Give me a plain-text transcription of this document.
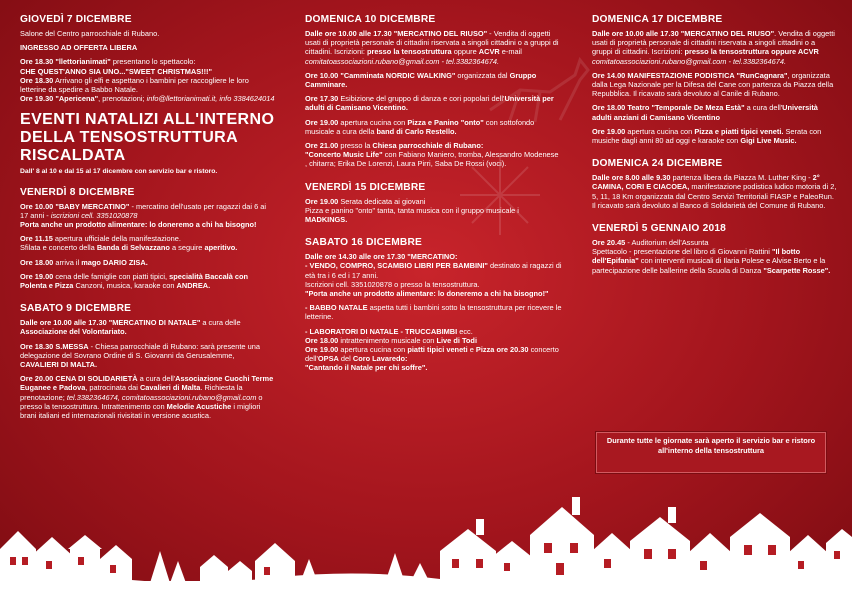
GIOVEDÌ 7 DICEMBRE
Salone del Centro parrocchiale di Rubano.
INGRESSO AD OFFERTA LIBERA
Ore 18.30 "llettorianimati" presentano lo spettacolo:
CHE QUEST'ANNO SIA UNO..."SWEET CHRISTMAS!!!"
Ore 18.30 Arrivano gli elfi e aspettano i bambini per raccogliere le loro letterine da spedire a Babbo Natale.
Ore 19.30 "Apericena", prenotazioni; info@llettorianimati.it, info 3384624014
EVENTI NATALIZI ALL'INTERNO DELLA TENSOSTRUTTURA RISCALDATA
Dall' 8 al 10 e dal 15 al 17 dicembre con servizio bar e ristoro.
VENERDÌ 8 DICEMBRE
Ore 10.00 "BABY MERCATINO" - mercatino dell'usato per ragazzi dai 6 ai 17 anni - iscrizioni cell. 3351020878
Porta anche un prodotto alimentare: lo doneremo a chi ha bisogno!
Ore 11.15 apertura ufficiale della manifestazione.
Sfilata e concerto della Banda di Selvazzano a seguire aperitivo.
Ore 18.00 arriva il mago DARIO ZISA.
Ore 19.00 cena delle famiglie con piatti tipici, specialità Baccalà con Polenta e Pizza Canzoni, musica, karaoke con ANDREA.
SABATO 9 DICEMBRE
Dalle ore 10.00 alle 17.30 "MERCATINO DI NATALE" a cura delle Associazione del Volontariato.
Ore 18.30 S.MESSA - Chiesa parrocchiale di Rubano: sarà presente una delegazione del Sovrano Ordine di S. Giovanni da Gerusalemme, CAVALIERI DI MALTA.
Ore 20.00 CENA DI SOLIDARIETÀ a cura dell'Associazione Cuochi Terme Euganee e Padova, patrocinata dai Cavalieri di Malta. Richiesta la prenotazione; tel.3382364674, comitatoassociazioni.rubano@gmail.com o presso la tensostruttura. Intrattenimento con Melodie Acustiche i migliori brani italiani ed internazionali rivisitati in versione acustica.
DOMENICA 10 DICEMBRE
Dalle ore 10.00 alle 17.30 "MERCATINO DEL RIUSO" - Vendita di oggetti usati di proprietà personale di cittadini riservata a singoli cittadini o a gruppi di cittadini. Iscrizioni: presso la tensostruttura oppure ACVR e-mail comitatoassociazioni.rubano@gmail.com - tel.3382364674.
Ore 10.00 "Camminata NORDIC WALKING" organizzata dal Gruppo Camminare.
Ore 17.30 Esibizione del gruppo di danza e cori popolari dell'Università per adulti di Camisano Vicentino.
Ore 19.00 apertura cucina con Pizza e Panino "onto" con sottofondo musicale a cura della band di Carlo Restello.
Ore 21.00 presso la Chiesa parrocchiale di Rubano:
"Concerto Music Life" con Fabiano Maniero, tromba, Alessandro Modenese , chitarra; Erika De Lorenzi, Laura Pirri, Saba De Rossi (voci).
VENERDÌ 15 DICEMBRE
Ore 19.00 Serata dedicata ai giovani
Pizza e panino "onto" tanta, tanta musica con il gruppo musicale i MADKINGS.
SABATO 16 DICEMBRE
Dalle ore 14.30 alle ore 17.30 "MERCATINO:
- VENDO, COMPRO, SCAMBIO LIBRI PER BAMBINI" destinato ai ragazzi di età tra i 6 ed i 17 anni.
Iscrizioni cell. 3351020878 o presso la tensostruttura.
"Porta anche un prodotto alimentare: lo doneremo a chi ha bisogno!"
- BABBO NATALE aspetta tutti i bambini sotto la tensostruttura per ricevere le letterine.
- LABORATORI DI NATALE - TRUCCABIMBI ecc.
Ore 18.00 intrattenimento musicale con Live di Todi
Ore 19.00 apertura cucina con piatti tipici veneti e Pizza ore 20.30 concerto dell'OPSA del Coro Lavaredo:
"Cantando il Natale per chi soffre".
DOMENICA 17 DICEMBRE
Dalle ore 10.00 alle 17.30 "MERCATINO DEL RIUSO". Vendita di oggetti usati di proprietà personale di cittadini riservata a singoli cittadini o a gruppi di cittadini. Iscrizioni: presso la tensostruttura oppure ACVR comitatoassociazioni.rubano@gmail.com - tel.3382364674.
Ore 14.00 MANIFESTAZIONE PODISTICA "RunCagnara", organizzata dalla Lega Nazionale per la Difesa del Cane con partenza da Piazza della Repubblica. Il ricavato sarà devoluto al Canile di Rubano.
Ore 18.00 Teatro "Temporale De Meza Està" a cura dell'Università adulti anziani di Camisano Vicentino
Ore 19.00 apertura cucina con Pizza e piatti tipici veneti. Serata con musiche dagli anni 80 ad oggi e karaoke con Gigi Live Music.
DOMENICA 24 DICEMBRE
Dalle ore 8.00 alle 9.30 partenza libera da Piazza M. Luther King - 2° CAMINA, CORI E CIACOEA, manifestazione podistica ludico motoria di 2, 5, 11, 18 Km organizzata dal Centro Servizi Territoriali FIASP e PaleoRun. Il ricavato sarà devoluto al Banco di Solidarietà del Comune di Rubano.
VENERDÌ 5 GENNAIO 2018
Ore 20.45 - Auditorium dell'Assunta
Spettacolo - presentazione del libro di Giovanni Rattini "Il botto dell'Epifania" con interventi musicali di Ilaria Polese e Alvise Berto e la partecipazione delle ballerine della Scuola di Danza "Scarpette Rosse".
Durante tutte le giornate sarà aperto il servizio bar e ristoro all'interno della tensostruttura
